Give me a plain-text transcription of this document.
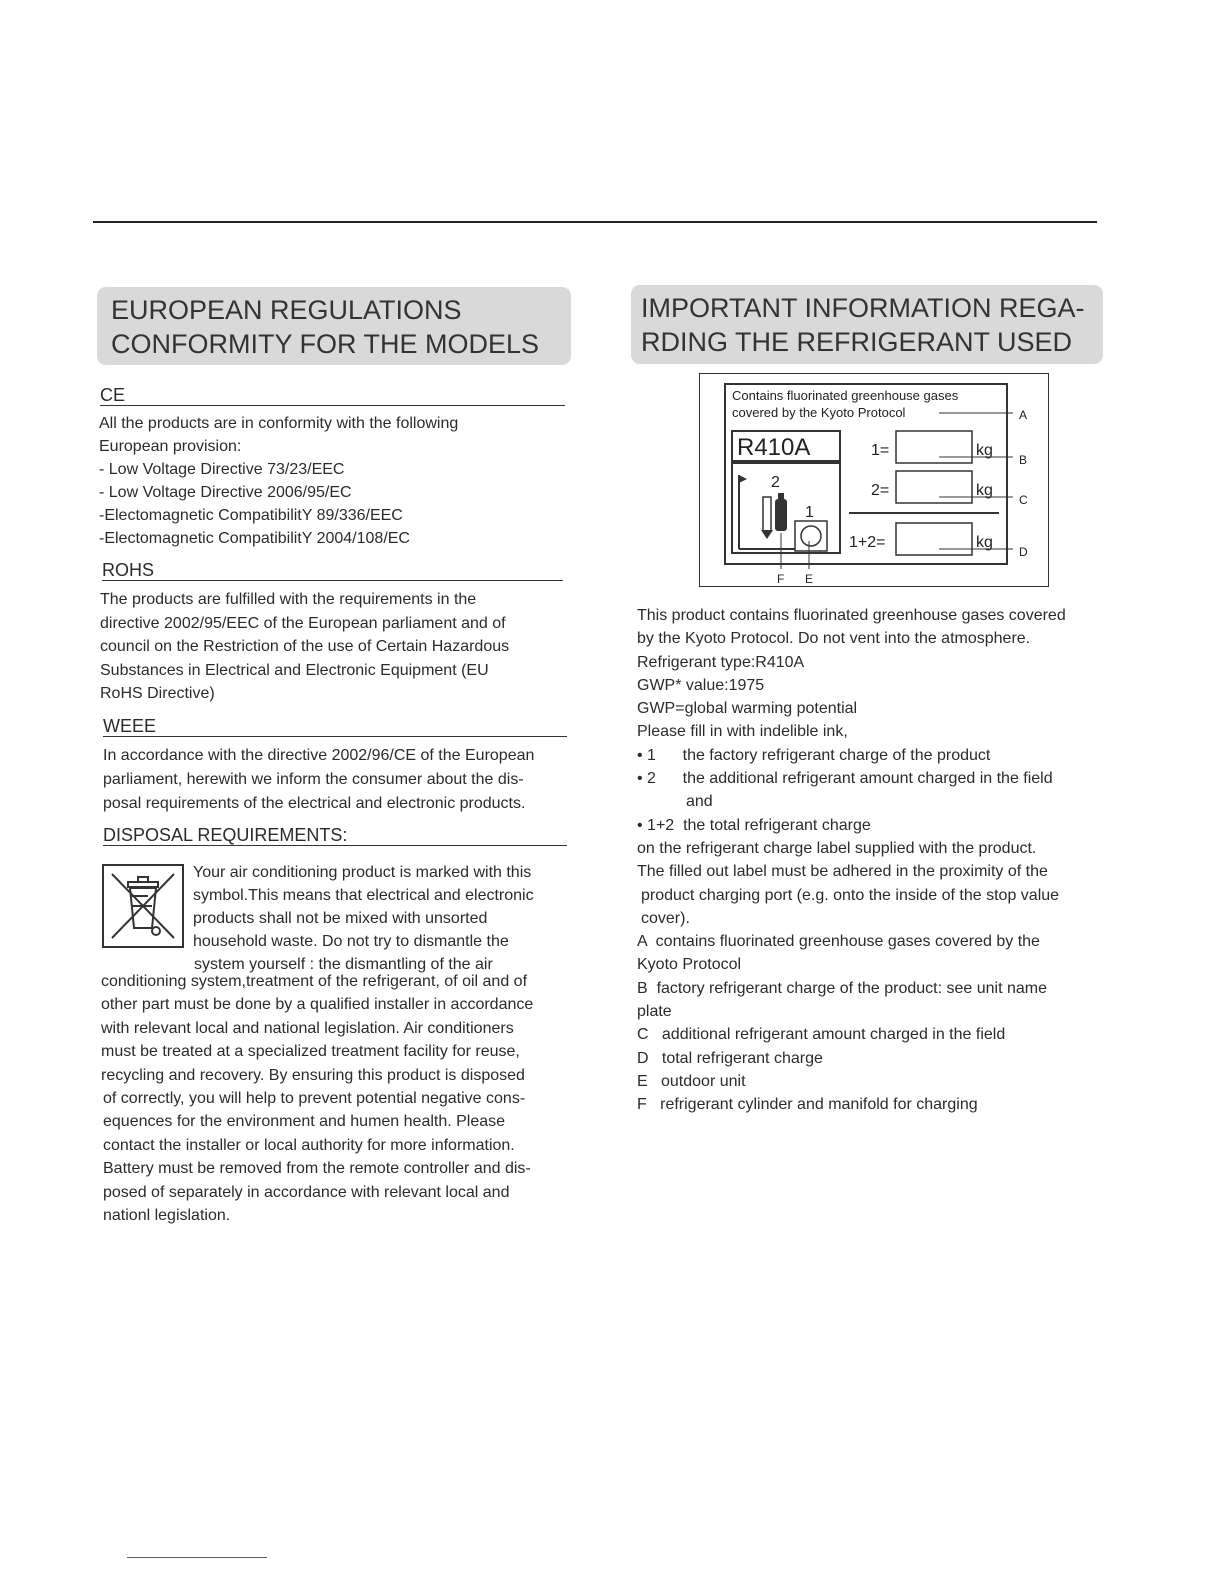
EUROPEAN REGULATIONS
CONFORMITY FOR THE MODELS
CE
All the products are in conformity with the following
European provision:
- Low Voltage Directive 73/23/EEC
- Low Voltage Directive 2006/95/EC
-Electomagnetic CompatibilitY 89/336/EEC
-Electomagnetic CompatibilitY 2004/108/EC
ROHS
The products are fulfilled with the requirements in the
directive 2002/95/EEC of the European parliament and of
council on the Restriction of the use of Certain Hazardous
Substances in Electrical and Electronic Equipment (EU
RoHS Directive)
WEEE
In accordance with the directive 2002/96/CE of the European
parliament, herewith we inform the consumer about the dis-
posal requirements of the electrical and electronic products.
DISPOSAL REQUIREMENTS:
Your air conditioning product is marked with this
symbol.This means that electrical and electronic
products shall not be mixed with unsorted
household waste. Do not try to dismantle the
system yourself : the dismantling of the air
conditioning system,treatment of the refrigerant, of oil and of
other part must be done by a qualified installer in accordance
with relevant local and national legislation. Air conditioners
must be treated at a specialized treatment facility for reuse,
recycling and recovery. By ensuring this product is disposed
of correctly, you will help to prevent potential negative cons-
equences for the environment and humen health. Please
contact the installer or local authority for more information.
Battery must be removed from the remote controller and dis-
posed of separately in accordance with relevant local and
nationl legislation.
IMPORTANT INFORMATION REGA-
RDING THE REFRIGERANT USED
Contains fluorinated greenhouse gases
covered by the Kyoto Protocol	A
R410A	1=	kg
B
2=	kg
C
1+2=	kg
D
2
1
F E
This product contains fluorinated greenhouse gases covered
by the Kyoto Protocol. Do not vent into the atmosphere.
Refrigerant type:R410A
GWP* value:1975
GWP=global warming potential
Please fill in with indelible ink,
• 1      the factory refrigerant charge of the product
• 2      the additional refrigerant amount charged in the field
and
• 1+2  the total refrigerant charge
on the refrigerant charge label supplied with the product.
The filled out label must be adhered in the proximity of the
product charging port (e.g. onto the inside of the stop value
cover).
A  contains fluorinated greenhouse gases covered by the
Kyoto Protocol
B  factory refrigerant charge of the product: see unit name
plate
C   additional refrigerant amount charged in the field
D   total refrigerant charge
E   outdoor unit
F   refrigerant cylinder and manifold for charging
